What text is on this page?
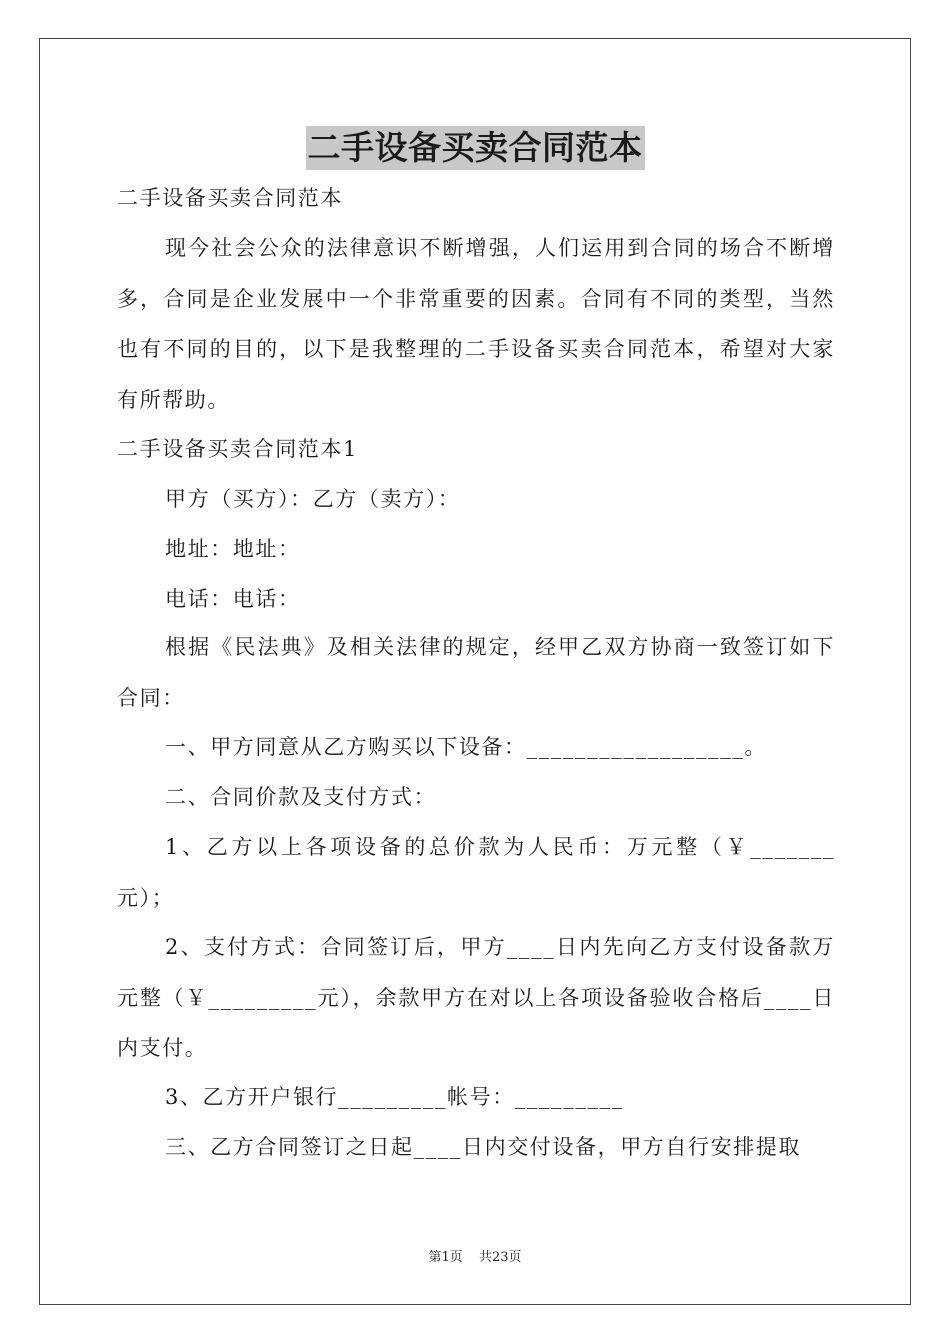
二手设备买卖合同范本

二手设备买卖合同范本

现今社会公众的法律意识不断增强，人们运用到合同的场合不断增多，合同是企业发展中一个非常重要的因素。合同有不同的类型，当然也有不同的目的，以下是我整理的二手设备买卖合同范本，希望对大家有所帮助。

二手设备买卖合同范本1

甲方（买方）：乙方（卖方）：

地址：地址：

电话：电话：

根据《民法典》及相关法律的规定，经甲乙双方协商一致签订如下合同：

一、甲方同意从乙方购买以下设备：__________________。

二、合同价款及支付方式：

1、乙方以上各项设备的总价款为人民币：万元整（￥_______元）；

2、支付方式：合同签订后，甲方____日内先向乙方支付设备款万元整（￥_________元），余款甲方在对以上各项设备验收合格后____日内支付。

3、乙方开户银行_________帐号：_________

三、乙方合同签订之日起____日内交付设备，甲方自行安排提取

第1页 共23页
